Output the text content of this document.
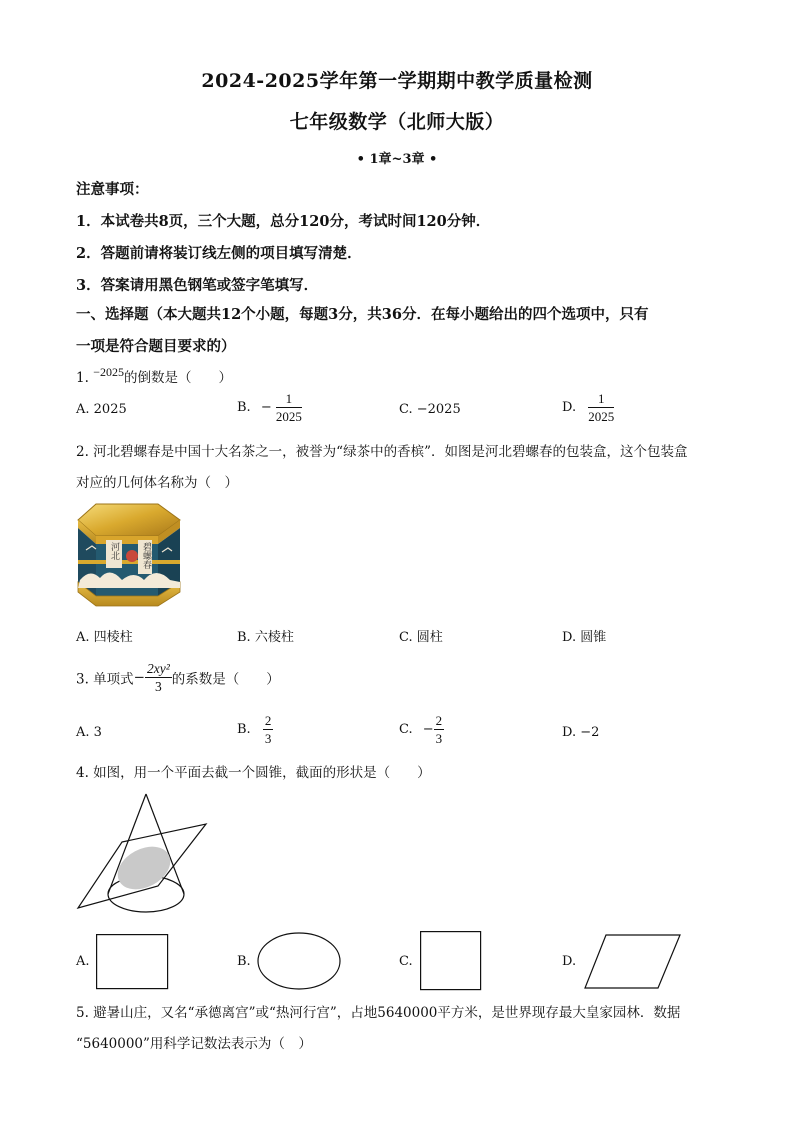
2024-2025学年第一学期期中教学质量检测
七年级数学（北师大版）
• 1章~3章 •
注意事项：
1．本试卷共8页，三个大题，总分120分，考试时间120分钟．
2．答题前请将装订线左侧的项目填写清楚．
3．答案请用黑色钢笔或签字笔填写．
一、选择题（本大题共12个小题，每题3分，共36分．在每小题给出的四个选项中，只有
一项是符合题目要求的）
1. −2025的倒数是（　　）
A. 2025	B. − $\frac{1}{2025}$	C. −2025	D. $\frac{1}{2025}$
2. 河北碧螺春是中国十大名茶之一，被誉为“绿茶中的香槟”．如图是河北碧螺春的包装盒，这个包装盒
对应的几何体名称为（　）
河北 碧螺春
A. 四棱柱	B. 六棱柱	C. 圆柱	D. 圆锥
3. 单项式− $\frac{\text{2xy²}}{3}$ 的系数是（　　）
A. 3	B. $\frac{2}{3}$	C. − $\frac{2}{3}$	D. −2
4. 如图，用一个平面去截一个圆锥，截面的形状是（　　）
A.	B.	C.	D.
5. 避暑山庄，又名“承德离宫”或“热河行宫”，占地5640000平方米，是世界现存最大皇家园林．数据
“5640000”用科学记数法表示为（　）
